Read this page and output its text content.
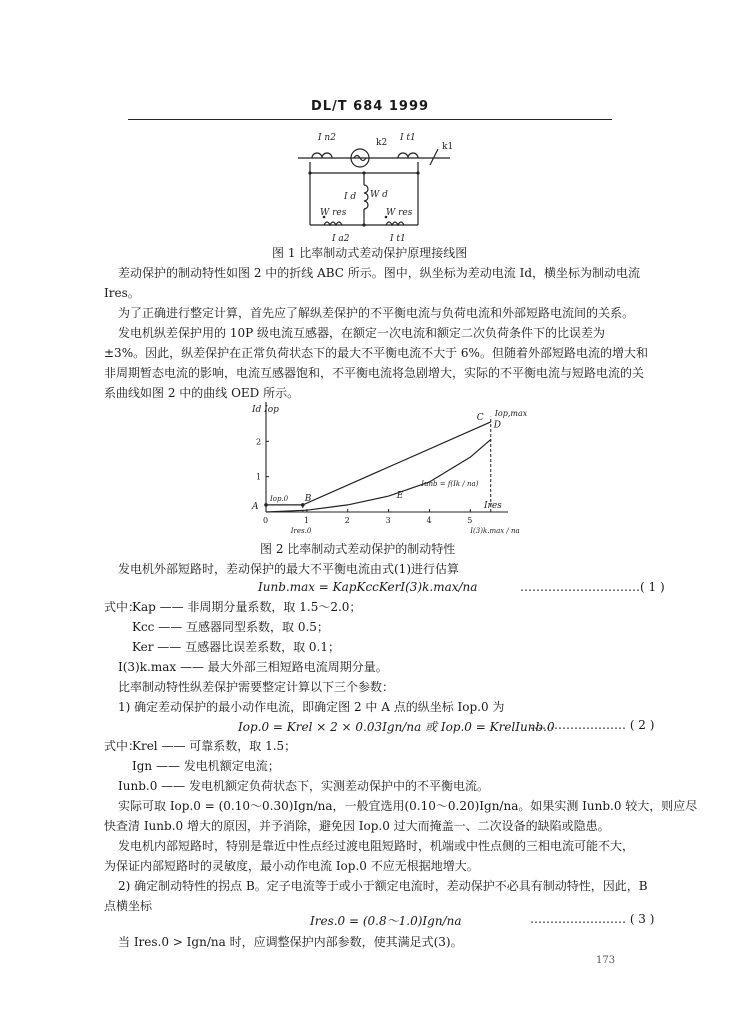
DL/T 684 1999
I n2	k2 I t1
k1
I d W d
W res	W res
I a2	I t1
图 1 比率制动式差动保护原理接线图
差动保护的制动特性如图 2 中的折线 ABC 所示。图中，纵坐标为差动电流 Id，横坐标为制动电流
Ires。
为了正确进行整定计算，首先应了解纵差保护的不平衡电流与负荷电流和外部短路电流间的关系。
发电机纵差保护用的 10P 级电流互感器，在额定一次电流和额定二次负荷条件下的比误差为
±3%。因此，纵差保护在正常负荷状态下的最大不平衡电流不大于 6%。但随着外部短路电流的增大和
非周期暂态电流的影响，电流互感器饱和，不平衡电流将急剧增大，实际的不平衡电流与短路电流的关
系曲线如图 2 中的曲线 OED 所示。
0	1	2	3	4	5
1
2
A
B
C
D
E
Iop,max
Iop.0
Ires.0
Iunb = f(Ik / na)
I(3)k.max / na
Id Iop
Ires
图 2 比率制动式差动保护的制动特性
发电机外部短路时，差动保护的最大不平衡电流由式(1)进行估算
Iunb.max = KapKccKerI(3)k.max/na	…………………………( 1 )
式中：
Kap —— 非周期分量系数，取 1.5～2.0；
Kcc —— 互感器同型系数，取 0.5；
Ker —— 互感器比误差系数，取 0.1；
I(3)k.max —— 最大外部三相短路电流周期分量。
比率制动特性纵差保护需要整定计算以下三个参数：
1) 确定差动保护的最小动作电流，即确定图 2 中 A 点的纵坐标 Iop.0 为
Iop.0 = Krel × 2 × 0.03Ign/na 或 Iop.0 = KrelIunb.0
…………………… ( 2 )
式中：
Krel —— 可靠系数，取 1.5；
Ign —— 发电机额定电流；
Iunb.0 —— 发电机额定负荷状态下，实测差动保护中的不平衡电流。
实际可取 Iop.0 = (0.10～0.30)Ign/na，一般宜选用(0.10～0.20)Ign/na。如果实测 Iunb.0 较大，则应尽
快查清 Iunb.0 增大的原因，并予消除，避免因 Iop.0 过大而掩盖一、二次设备的缺陷或隐患。
发电机内部短路时，特别是靠近中性点经过渡电阻短路时，机端或中性点侧的三相电流可能不大，
为保证内部短路时的灵敏度，最小动作电流 Iop.0 不应无根据地增大。
2) 确定制动特性的拐点 B。定子电流等于或小于额定电流时，差动保护不必具有制动特性，因此，B
点横坐标
Ires.0 = (0.8～1.0)Ign/na	…………………… ( 3 )
当 Ires.0 > Ign/na 时，应调整保护内部参数，使其满足式(3)。
173
